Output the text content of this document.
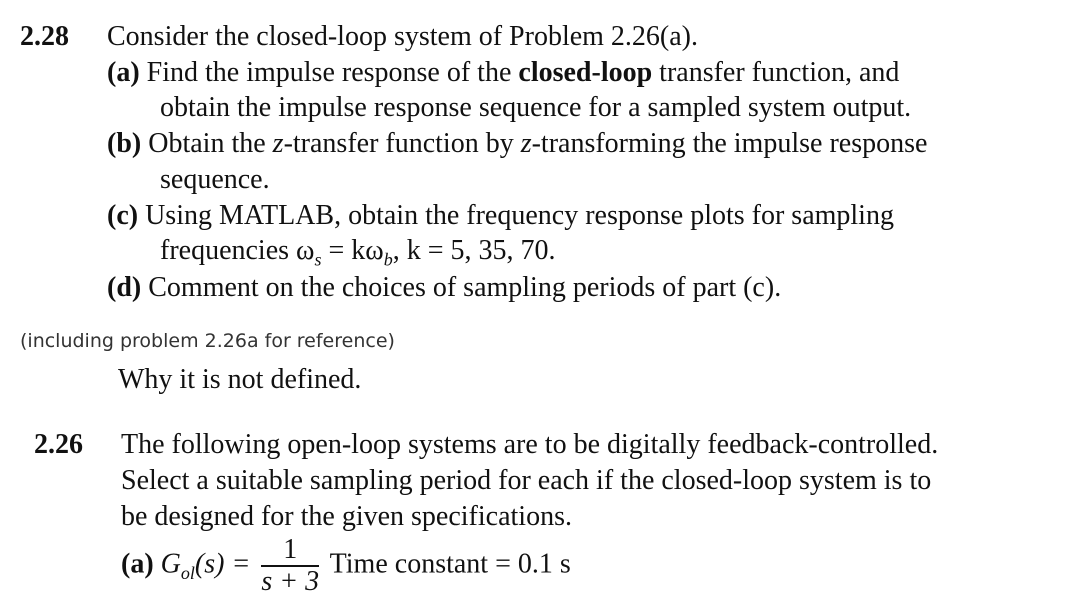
2.28 Consider the closed-loop system of Problem 2.26(a).
(a) Find the impulse response of the closed-loop transfer function, and
obtain the impulse response sequence for a sampled system output.
(b) Obtain the z-transfer function by z-transforming the impulse response
sequence.
(c) Using MATLAB, obtain the frequency response plots for sampling
frequencies $\omega_s = k\omega_b$, k = 5, 35, 70.
(d) Comment on the choices of sampling periods of part (c).
(including problem 2.26a for reference)
Why it is not defined.
2.26 The following open-loop systems are to be digitally feedback-controlled.
Select a suitable sampling period for each if the closed-loop system is to
be designed for the given specifications.
(a) $G_{ol}(s) = \frac{1}{s + 3}$ Time constant = 0.1 s
